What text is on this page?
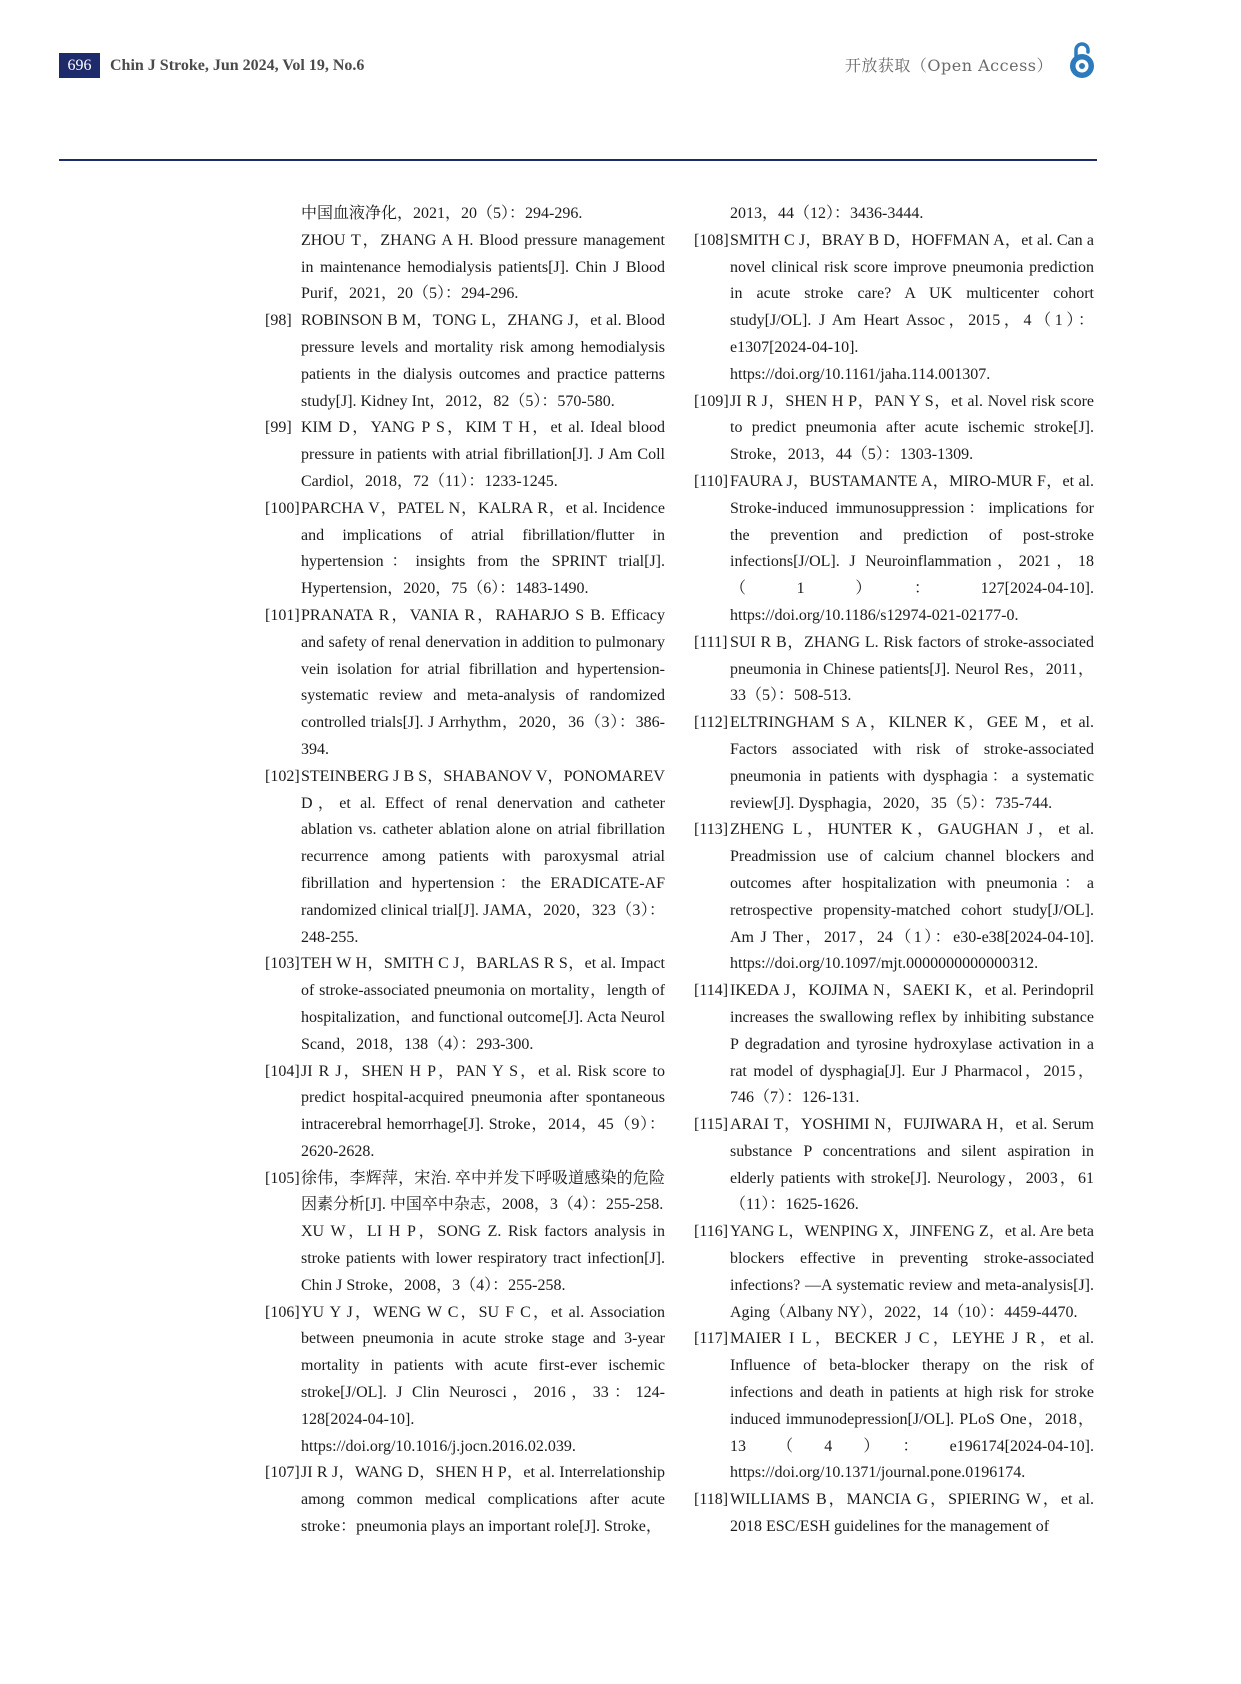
696	Chin J Stroke, Jun 2024, Vol 19, No.6	开放获取（Open Access）

中国血液净化，2021，20（5）：294-296.

ZHOU T，ZHANG A H. Blood pressure management in maintenance hemodialysis patients[J]. Chin J Blood Purif，2021，20（5）：294-296.

[98] ROBINSON B M，TONG L，ZHANG J，et al. Blood pressure levels and mortality risk among hemodialysis patients in the dialysis outcomes and practice patterns study[J]. Kidney Int，2012，82（5）：570-580.

[99] KIM D，YANG P S，KIM T H，et al. Ideal blood pressure in patients with atrial fibrillation[J]. J Am Coll Cardiol，2018，72（11）：1233-1245.

[100] PARCHA V，PATEL N，KALRA R，et al. Incidence and implications of atrial fibrillation/flutter in hypertension：insights from the SPRINT trial[J]. Hypertension，2020，75（6）：1483-1490.

[101] PRANATA R，VANIA R，RAHARJO S B. Efficacy and safety of renal denervation in addition to pulmonary vein isolation for atrial fibrillation and hypertension-systematic review and meta-analysis of randomized controlled trials[J]. J Arrhythm，2020，36（3）：386-394.

[102] STEINBERG J B S，SHABANOV V，PONOMAREV D，et al. Effect of renal denervation and catheter ablation vs. catheter ablation alone on atrial fibrillation recurrence among patients with paroxysmal atrial fibrillation and hypertension：the ERADICATE-AF randomized clinical trial[J]. JAMA，2020，323（3）：248-255.

[103] TEH W H，SMITH C J，BARLAS R S，et al. Impact of stroke-associated pneumonia on mortality，length of hospitalization，and functional outcome[J]. Acta Neurol Scand，2018，138（4）：293-300.

[104] JI R J，SHEN H P，PAN Y S，et al. Risk score to predict hospital-acquired pneumonia after spontaneous intracerebral hemorrhage[J]. Stroke，2014，45（9）：2620-2628.

[105] 徐伟，李辉萍，宋治. 卒中并发下呼吸道感染的危险因素分析[J]. 中国卒中杂志，2008，3（4）：255-258.

XU W，LI H P，SONG Z. Risk factors analysis in stroke patients with lower respiratory tract infection[J]. Chin J Stroke，2008，3（4）：255-258.

[106] YU Y J，WENG W C，SU F C，et al. Association between pneumonia in acute stroke stage and 3-year mortality in patients with acute first-ever ischemic stroke[J/OL]. J Clin Neurosci，2016，33：124-128[2024-04-10]. https://doi.org/10.1016/j.jocn.2016.02.039.

[107] JI R J，WANG D，SHEN H P，et al. Interrelationship among common medical complications after acute stroke：pneumonia plays an important role[J]. Stroke，

2013，44（12）：3436-3444.

[108] SMITH C J，BRAY B D，HOFFMAN A，et al. Can a novel clinical risk score improve pneumonia prediction in acute stroke care? A UK multicenter cohort study[J/OL]. J Am Heart Assoc，2015，4（1）：e1307[2024-04-10]. https://doi.org/10.1161/jaha.114.001307.

[109] JI R J，SHEN H P，PAN Y S，et al. Novel risk score to predict pneumonia after acute ischemic stroke[J]. Stroke，2013，44（5）：1303-1309.

[110] FAURA J，BUSTAMANTE A，MIRO-MUR F，et al. Stroke-induced immunosuppression：implications for the prevention and prediction of post-stroke infections[J/OL]. J Neuroinflammation，2021，18（1）：127[2024-04-10]. https://doi.org/10.1186/s12974-021-02177-0.

[111] SUI R B，ZHANG L. Risk factors of stroke-associated pneumonia in Chinese patients[J]. Neurol Res，2011，33（5）：508-513.

[112] ELTRINGHAM S A，KILNER K，GEE M，et al. Factors associated with risk of stroke-associated pneumonia in patients with dysphagia：a systematic review[J]. Dysphagia，2020，35（5）：735-744.

[113] ZHENG L，HUNTER K，GAUGHAN J，et al. Preadmission use of calcium channel blockers and outcomes after hospitalization with pneumonia：a retrospective propensity-matched cohort study[J/OL]. Am J Ther，2017，24（1）：e30-e38[2024-04-10]. https://doi.org/10.1097/mjt.0000000000000312.

[114] IKEDA J，KOJIMA N，SAEKI K，et al. Perindopril increases the swallowing reflex by inhibiting substance P degradation and tyrosine hydroxylase activation in a rat model of dysphagia[J]. Eur J Pharmacol，2015，746（7）：126-131.

[115] ARAI T，YOSHIMI N，FUJIWARA H，et al. Serum substance P concentrations and silent aspiration in elderly patients with stroke[J]. Neurology，2003，61（11）：1625-1626.

[116] YANG L，WENPING X，JINFENG Z，et al. Are beta blockers effective in preventing stroke-associated infections? —A systematic review and meta-analysis[J]. Aging（Albany NY），2022，14（10）：4459-4470.

[117] MAIER I L，BECKER J C，LEYHE J R，et al. Influence of beta-blocker therapy on the risk of infections and death in patients at high risk for stroke induced immunodepression[J/OL]. PLoS One，2018，13（4）：e196174[2024-04-10]. https://doi.org/10.1371/journal.pone.0196174.

[118] WILLIAMS B，MANCIA G，SPIERING W，et al. 2018 ESC/ESH guidelines for the management of
